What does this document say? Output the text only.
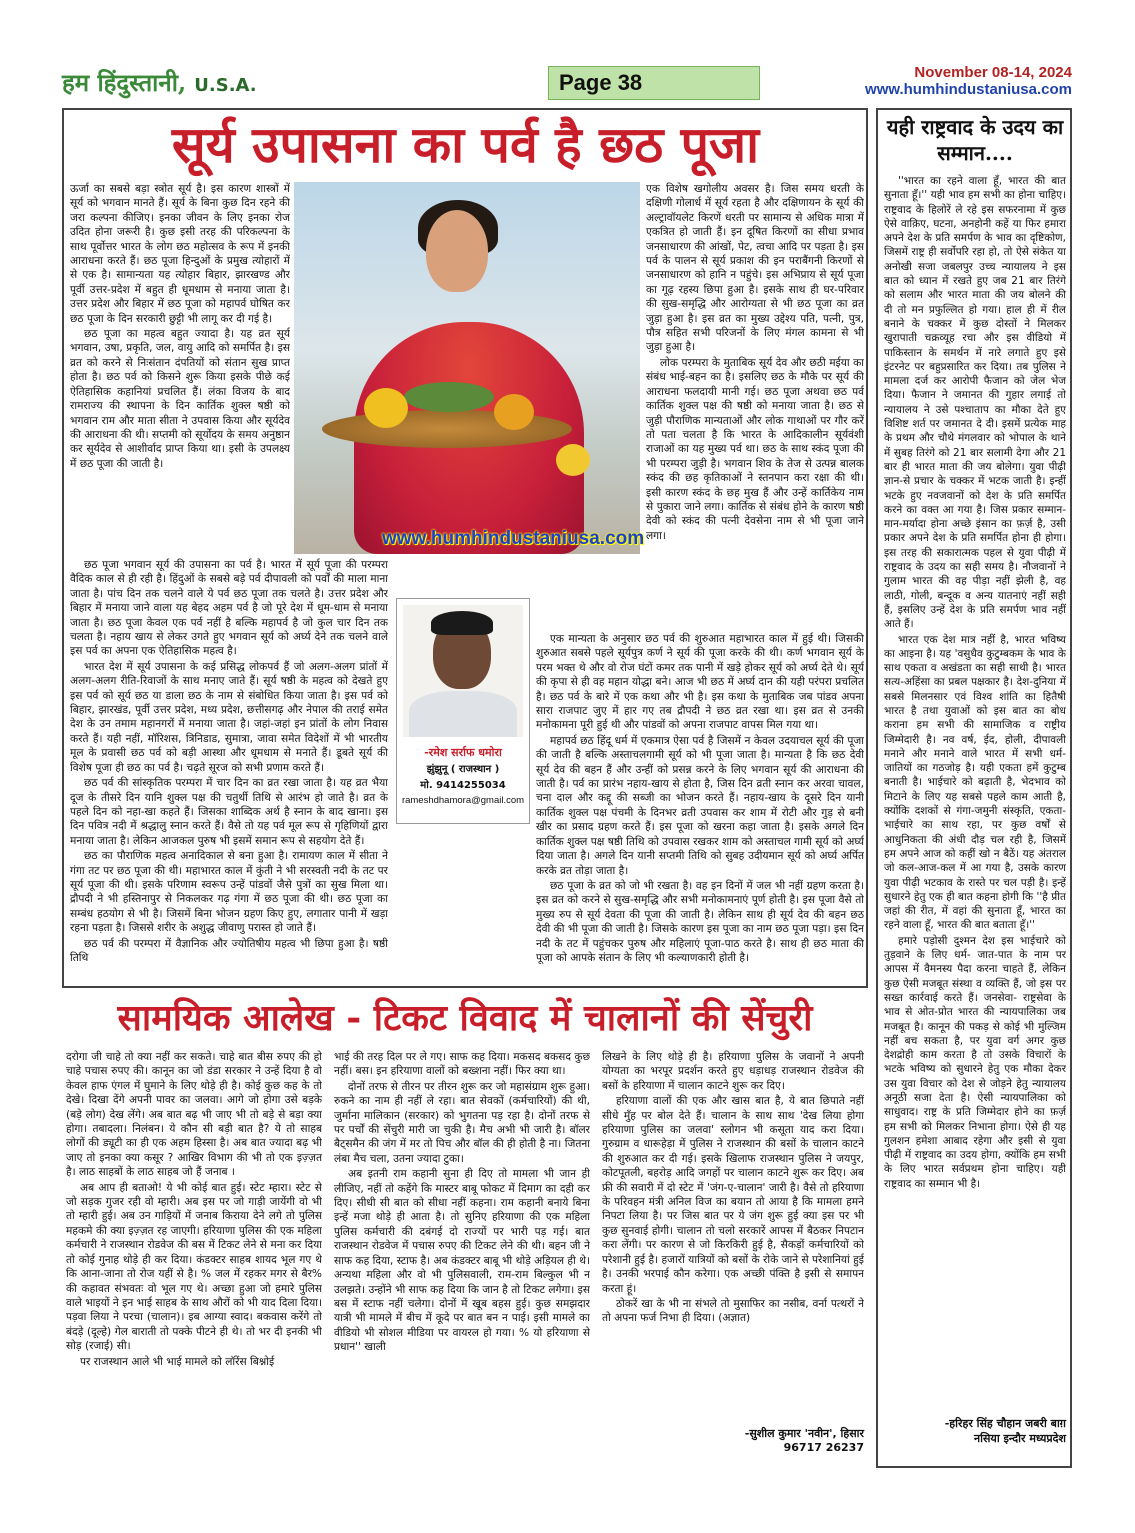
हम हिंदुस्तानी, U.S.A.	Page 38	November 08-14, 2024
www.humhindustaniusa.com
सूर्य उपासना का पर्व है छठ पूजा

ऊर्जा का सबसे बड़ा स्त्रोत सूर्य है। इस कारण शास्त्रों में सूर्य को भगवान मानते हैं। सूर्य के बिना कुछ दिन रहने की जरा कल्पना कीजिए। इनका जीवन के लिए इनका रोज उदित होना जरूरी है। कुछ इसी तरह की परिकल्पना के साथ पूर्वोत्तर भारत के लोग छठ महोत्सव के रूप में इनकी आराधना करते हैं। छठ पूजा हिन्दुओं के प्रमुख त्योहारों में से एक है। सामान्यता यह त्योहार बिहार, झारखण्ड और पूर्वी उत्तर-प्रदेश में बहुत ही धूमधाम से मनाया जाता है। उत्तर प्रदेश और बिहार में छठ पूजा को महापर्व घोषित कर छठ पूजा के दिन सरकारी छुट्टी भी लागू कर दी गई है।

छठ पूजा का महत्व बहुत ज्यादा है। यह व्रत सूर्य भगवान, उषा, प्रकृति, जल, वायु आदि को समर्पित है। इस व्रत को करने से निःसंतान दंपतियों को संतान सुख प्राप्त होता है। छठ पर्व को किसने शुरू किया इसके पीछे कई ऐतिहासिक कहानियां प्रचलित हैं। लंका विजय के बाद रामराज्य की स्थापना के दिन कार्तिक शुक्ल षष्ठी को भगवान राम और माता सीता ने उपवास किया और सूर्यदेव की आराधना की थी। सप्तमी को सूर्योदय के समय अनुष्ठान कर सूर्यदेव से आशीर्वाद प्राप्त किया था। इसी के उपलक्ष्य में छठ पूजा की जाती है।

www.humhindustaniusa.com

छठ पूजा भगवान सूर्य की उपासना का पर्व है। भारत में सूर्य पूजा की परम्परा वैदिक काल से ही रही है। हिंदुओं के सबसे बड़े पर्व दीपावली को पर्वों की माला माना जाता है। पांच दिन तक चलने वाले ये पर्व छठ पूजा तक चलते है। उत्तर प्रदेश और बिहार में मनाया जाने वाला यह बेहद अहम पर्व है जो पूरे देश में धूम-धाम से मनाया जाता है। छठ पूजा केवल एक पर्व नहीं है बल्कि महापर्व है जो कुल चार दिन तक चलता है। नहाय खाय से लेकर उगते हुए भगवान सूर्य को अर्घ्य देने तक चलने वाले इस पर्व का अपना एक ऐतिहासिक महत्व है।

भारत देश में सूर्य उपासना के कई प्रसिद्ध लोकपर्व हैं जो अलग-अलग प्रांतों में अलग-अलग रीति-रिवाजों के साथ मनाए जाते हैं। सूर्य षष्ठी के महत्व को देखते हुए इस पर्व को सूर्य छठ या डाला छठ के नाम से संबोधित किया जाता है। इस पर्व को बिहार, झारखंड, पूर्वी उत्तर प्रदेश, मध्य प्रदेश, छत्तीसगढ़ और नेपाल की तराई समेत देश के उन तमाम महानगरों में मनाया जाता है। जहां-जहां इन प्रांतों के लोग निवास करते हैं। यही नहीं, मॉरिशस, त्रिनिडाड, सुमात्रा, जावा समेत विदेशों में भी भारतीय मूल के प्रवासी छठ पर्व को बड़ी आस्था और धूमधाम से मनाते हैं। डूबते सूर्य की विशेष पूजा ही छठ का पर्व है। चढ़ते सूरज को सभी प्रणाम करते हैं।

छठ पर्व की सांस्कृतिक परम्परा में चार दिन का व्रत रखा जाता है। यह व्रत भैया दूज के तीसरे दिन यानि शुक्ल पक्ष की चतुर्थी तिथि से आरंभ हो जाते है। व्रत के पहले दिन को नहा-खा कहते हैं। जिसका शाब्दिक अर्थ है स्नान के बाद खाना। इस दिन पवित्र नदी में श्रद्धालु स्नान करते हैं। वैसे तो यह पर्व मूल रूप से गृहिणियों द्वारा मनाया जाता है। लेकिन आजकल पुरुष भी इसमें समान रूप से सहयोग देते हैं।

छठ का पौराणिक महत्व अनादिकाल से बना हुआ है। रामायण काल में सीता ने गंगा तट पर छठ पूजा की थी। महाभारत काल में कुंती ने भी सरस्वती नदी के तट पर सूर्य पूजा की थी। इसके परिणाम स्वरूप उन्हें पांडवों जैसे पुत्रों का सुख मिला था। द्रौपदी ने भी हस्तिनापुर से निकलकर गढ़ गंगा में छठ पूजा की थी। छठ पूजा का सम्बंध हठयोग से भी है। जिसमें बिना भोजन ग्रहण किए हुए, लगातार पानी में खड़ा रहना पड़ता है। जिससे शरीर के अशुद्ध जीवाणु परास्त हो जाते हैं।

छठ पर्व की परम्परा में वैज्ञानिक और ज्योतिषीय महत्व भी छिपा हुआ है। षष्ठी तिथि

-रमेश सर्राफ धमोरा
झुंझुनू ( राजस्थान )
मो. 9414255034
rameshdhamora@gmail.com

एक विशेष खगोलीय अवसर है। जिस समय धरती के दक्षिणी गोलार्ध में सूर्य रहता है और दक्षिणायन के सूर्य की अल्ट्रावॉयलेट किरणें धरती पर सामान्य से अधिक मात्रा में एकत्रित हो जाती हैं। इन दूषित किरणों का सीधा प्रभाव जनसाधारण की आंखों, पेट, त्वचा आदि पर पड़ता है। इस पर्व के पालन से सूर्य प्रकाश की इन पराबैंगनी किरणों से जनसाधारण को हानि न पहुंचे। इस अभिप्राय से सूर्य पूजा का गूढ़ रहस्य छिपा हुआ है। इसके साथ ही घर-परिवार की सुख-समृद्धि और आरोग्यता से भी छठ पूजा का व्रत जुड़ा हुआ है। इस व्रत का मुख्य उद्देश्य पति, पत्नी, पुत्र, पौत्र सहित सभी परिजनों के लिए मंगल कामना से भी जुड़ा हुआ है।

लोक परम्परा के मुताबिक सूर्य देव और छठी मईया का संबंध भाई-बहन का है। इसलिए छठ के मौके पर सूर्य की आराधना फलदायी मानी गई। छठ पूजा अथवा छठ पर्व कार्तिक शुक्ल पक्ष की षष्ठी को मनाया जाता है। छठ से जुड़ी पौराणिक मान्यताओं और लोक गाथाओं पर गौर करें तो पता चलता है कि भारत के आदिकालीन सूर्यवंशी राजाओं का यह मुख्य पर्व था। छठ के साथ स्कंद पूजा की भी परम्परा जुड़ी है। भगवान शिव के तेज से उत्पन्न बालक स्कंद की छह कृतिकाओं ने स्तनपान करा रक्षा की थी। इसी कारण स्कंद के छह मुख हैं और उन्हें कार्तिकेय नाम से पुकारा जाने लगा। कार्तिक से संबंध होने के कारण षष्ठी देवी को स्कंद की पत्नी देवसेना नाम से भी पूजा जाने लगा।

एक मान्यता के अनुसार छठ पर्व की शुरुआत महाभारत काल में हुई थी। जिसकी शुरुआत सबसे पहले सूर्यपुत्र कर्ण ने सूर्य की पूजा करके की थी। कर्ण भगवान सूर्य के परम भक्त थे और वो रोज घंटों कमर तक पानी में खड़े होकर सूर्य को अर्घ्य देते थे। सूर्य की कृपा से ही वह महान योद्धा बने। आज भी छठ में अर्घ्य दान की यही परंपरा प्रचलित है। छठ पर्व के बारे में एक कथा और भी है। इस कथा के मुताबिक जब पांडव अपना सारा राजपाट जुए में हार गए तब द्रौपदी ने छठ व्रत रखा था। इस व्रत से उनकी मनोकामना पूरी हुई थी और पांडवों को अपना राजपाट वापस मिल गया था।

महापर्व छठ हिंदू धर्म में एकमात्र ऐसा पर्व है जिसमें न केवल उदयाचल सूर्य की पूजा की जाती है बल्कि अस्ताचलगामी सूर्य को भी पूजा जाता है। मान्यता है कि छठ देवी सूर्य देव की बहन हैं और उन्हीं को प्रसन्न करने के लिए भगवान सूर्य की आराधना की जाती है। पर्व का प्रारंभ नहाय-खाय से होता है, जिस दिन व्रती स्नान कर अरवा चावल, चना दाल और कद्दू की सब्जी का भोजन करते हैं। नहाय-खाय के दूसरे दिन यानी कार्तिक शुक्ल पक्ष पंचमी के दिनभर व्रती उपवास कर शाम में रोटी और गुड़ से बनी खीर का प्रसाद ग्रहण करते हैं। इस पूजा को खरना कहा जाता है। इसके अगले दिन कार्तिक शुक्ल पक्ष षष्ठी तिथि को उपवास रखकर शाम को अस्ताचल गामी सूर्य को अर्घ्य दिया जाता है। अगले दिन यानी सप्तमी तिथि को सुबह उदीयमान सूर्य को अर्घ्य अर्पित करके व्रत तोड़ा जाता है।

छठ पूजा के व्रत को जो भी रखता है। वह इन दिनों में जल भी नहीं ग्रहण करता है। इस व्रत को करने से सुख-समृद्धि और सभी मनोकामनाएं पूर्ण होती है। इस पूजा वैसे तो मुख्य रुप से सूर्य देवता की पूजा की जाती है। लेकिन साथ ही सूर्य देव की बहन छठ देवी की भी पूजा की जाती है। जिसके कारण इस पूजा का नाम छठ पूजा पड़ा। इस दिन नदी के तट में पहुंचकर पुरुष और महिलाएं पूजा-पाठ करते है। साथ ही छठ माता की पूजा को आपके संतान के लिए भी कल्याणकारी होती है।

यही राष्ट्रवाद के उदय का सम्मान....

''भारत का रहने वाला हूँ, भारत की बात सुनाता हूँ।'' यही भाव हम सभी का होना चाहिए। राष्ट्रवाद के हिलोरें ले रहे इस सफरनामा में कुछ ऐसे वाक़िए, घटना, अनहोनी कहें या फिर हमारा अपने देश के प्रति समर्पण के भाव का दृष्टिकोण, जिसमें राष्ट्र ही सर्वोपरि रहा हो, तो ऐसे संकेत या अनोखी सजा जबलपुर उच्च न्यायालय ने इस बात को ध्यान में रखते हुए जब 21 बार तिरंगे को सलाम और भारत माता की जय बोलने की दी तो मन प्रफुल्लित हो गया। हाल ही में रील बनाने के चक्कर में कुछ दोस्तों ने मिलकर खुरापाती चक्रव्यूह रचा और इस वीडियो में पाकिस्तान के समर्थन में नारे लगाते हुए इसे इंटरनेट पर बहुप्रसारित कर दिया। तब पुलिस ने मामला दर्ज कर आरोपी फैजान को जेल भेज दिया। फैजान ने जमानत की गुहार लगाई तो न्यायालय ने उसे पश्चाताप का मौका देते हुए विशिष्ट शर्त पर जमानत दे दी। इसमें प्रत्येक माह के प्रथम और चौथे मंगलवार को भोपाल के थाने में सुबह तिरंगे को 21 बार सलामी देगा और 21 बार ही भारत माता की जय बोलेगा। युवा पीढ़ी ज्ञान-से प्रचार के चक्कर में भटक जाती है। इन्हीं भटके हुए नवजवानों को देश के प्रति समर्पित करने का वक्त आ गया है। जिस प्रकार सम्मान-मान-मर्यादा होना अच्छे इंसान का फ़र्ज़ है, उसी प्रकार अपने देश के प्रति समर्पित होना ही होगा। इस तरह की सकारात्मक पहल से युवा पीढ़ी में राष्ट्रवाद के उदय का सही समय है। नौजवानों ने गुलाम भारत की वह पीड़ा नहीं झेली है, वह लाठी, गोली, बन्दूक व अन्य यातनाएं नहीं सही हैं, इसलिए उन्हें देश के प्रति समर्पण भाव नहीं आते हैं।

भारत एक देश मात्र नहीं है, भारत भविष्य का आइना है। यह 'वसुधैव कुटुम्बकम के भाव के साथ एकता व अखंडता का सही साथी है। भारत सत्य-अहिंसा का प्रबल पक्षकार है। देश-दुनिया में सबसे मिलनसार एवं विश्व शांति का हितैषी भारत है तथा युवाओं को इस बात का बोध कराना हम सभी की सामाजिक व राष्ट्रीय जिम्मेदारी है। नव वर्ष, ईद, होली, दीपावली मनाने और मनाने वाले भारत में सभी धर्म-जातियों का गठजोड़ है। यही एकता हमें कुटुम्ब बनाती है। भाईचारे को बढ़ाती है, भेदभाव को मिटाने के लिए यह सबसे पहले काम आती है, क्योंकि दशकों से गंगा-जमुनी संस्कृति, एकता-भाईचारे का साथ रहा, पर कुछ वर्षों से आधुनिकता की अंधी दौड़ चल रही है, जिसमें हम अपने आज को कहीं खो न बैठें। यह अंतराल जो कल-आज-कल में आ गया है, उसके कारण युवा पीढ़ी भटकाव के रास्ते पर चल पड़ी है। इन्हें सुधारने हेतु एक ही बात कहना होगी कि ''है प्रीत जहां की रीत, में वहां की सुनाता हूँ, भारत का रहने वाला हूँ, भारत की बात बताता हूँ।''

हमारे पड़ोसी दुश्मन देश इस भाईचारे को तुड़वाने के लिए धर्म- जात-पात के नाम पर आपस में वैमनस्य पैदा करना चाहते हैं, लेकिन कुछ ऐसी मजबूत संस्था व व्यक्ति हैं, जो इस पर सख्त कार्रवाई करते हैं। जनसेवा- राष्ट्रसेवा के भाव से ओत-प्रोत भारत की न्यायपालिका जब मजबूत है। कानून की पकड़ से कोई भी मुल्जिम नहीं बच सकता है, पर युवा वर्ग अगर कुछ देशद्रोही काम करता है तो उसके विचारों के भटके भविष्य को सुधारने हेतु एक मौका देकर उस युवा विचार को देश से जोड़ने हेतु न्यायालय अनूठी सजा देता है। ऐसी न्यायपालिका को साधुवाद। राष्ट्र के प्रति जिम्मेदार होने का फ़र्ज़ हम सभी को मिलकर निभाना होगा। ऐसे ही यह गुलशन हमेशा आबाद रहेगा और इसी से युवा पीढ़ी में राष्ट्रवाद का उदय होगा, क्योंकि हम सभी के लिए भारत सर्वप्रथम होना चाहिए। यही राष्ट्रवाद का सम्मान भी है।

-हरिहर सिंह चौहान जबरी बाग़
नसिया इन्दौर मध्यप्रदेश
सामयिक आलेख - टिकट विवाद में चालानों की सेंचुरी

दरोगा जी चाहे तो क्या नहीं कर सकते। चाहे बात बीस रुपए की हो चाहे पचास रुपए की। कानून का जो डंडा सरकार ने उन्हें दिया है वो केवल हाफ एंगल में घुमाने के लिए थोड़े ही है। कोई कुछ कह के तो देखे। दिखा देंगे अपनी पावर का जलवा। आगे जो होगा उसे बड़के (बड़े लोग) देख लेंगे। अब बात बढ़ भी जाए भी तो बड़े से बड़ा क्या होगा। तबादला। निलंबन। ये कौन सी बड़ी बात है? ये तो साहब लोगों की ड्यूटी का ही एक अहम हिस्सा है। अब बात ज्यादा बढ़ भी जाए तो इनका क्या कसूर ? आखिर विभाग की भी तो एक इज़्ज़त है। लाठ साहबों के लाठ साहब जो हैं जनाब ।

अब आप ही बताओ! ये भी कोई बात हुई। स्टेट म्हारा। स्टेट से जो सड़क गुजर रही वो म्हारी। अब इस पर जो गाड़ी जायेंगी वो भी तो म्हारी हुई। अब उन गाड़ियों में जनाब किराया देने लगे तो पुलिस महकमे की क्या इज़्ज़त रह जाएगी। हरियाणा पुलिस की एक महिला कर्मचारी ने राजस्थान रोडवेज की बस में टिकट लेने से मना कर दिया तो कोई गुनाह थोड़े ही कर दिया। कंडक्टर साहब शायद भूल गए थे कि आना-जाना तो रोज यहीं से है। % जल में रहकर मगर से बैर% की कहावत संभवतः वो भूल गए थे। अच्छा हुआ जो हमारे पुलिस वाले भाइयों ने इन भाई साहब के साथ औरों को भी याद दिला दिया। पड़वा लिया ने परचा (चालान)। इब आग्या स्वाद। बकवास करेंगे तो बंदड़े (दूल्हे) गेल बाराती तो पक्के पीटने ही थे। तो भर दी इनकी भी सोड़ (रजाई) सी।

पर राजस्थान आले भी भाई मामले को लॉरेंस बिश्नोई

भाई की तरह दिल पर ले गए। साफ कह दिया। मकसद बकसद कुछ नहीं। बस। इन हरियाणा वालों को बख्शना नहीं। फिर क्या था।

दोनों तरफ से तीरन पर तीरन शुरू कर जो महासंग्राम शुरू हुआ। रुकने का नाम ही नहीं ले रहा। बात सेवकों (कर्मचारियों) की थी, जुर्माना मालिकान (सरकार) को भुगतना पड़ रहा है। दोनों तरफ से पर पर्चों की सेंचुरी मारी जा चुकी है। मैच अभी भी जारी है। बॉलर बैट्समैन की जंग में मर तो पिच और बॉल की ही होती है ना। जितना लंबा मैच चला, उतना ज्यादा टुका।

अब इतनी राम कहानी सुना ही दिए तो मामला भी जान ही लीजिए, नहीं तो कहेंगे कि मास्टर बाबू फोकट में दिमाग का दही कर दिए। सीधी सी बात को सीधा नहीं कहना। राम कहानी बनाये बिना इन्हें मजा थोड़े ही आता है। तो सुनिए हरियाणा की एक महिला पुलिस कर्मचारी की दबंगई दो राज्यों पर भारी पड़ गई। बात राजस्थान रोडवेज में पचास रुपए की टिकट लेने की थी। बहन जी ने साफ कह दिया, स्टाफ है। अब कंडक्टर बाबू भी थोड़े अड़ियल ही थे। अन्यथा महिला और वो भी पुलिसवाली, राम-राम बिल्कुल भी न उलझते। उन्होंने भी साफ कह दिया कि जान है तो टिकट लगेगा। इस बस में स्टाफ नहीं चलेगा। दोनों में खूब बहस हुई। कुछ समझदार यात्री भी मामले में बीच में कूदे पर बात बन न पाई। इसी मामले का वीडियो भी सोशल मीडिया पर वायरल हो गया। % यो हरियाणा से प्रधान'' खाली

लिखने के लिए थोड़े ही है। हरियाणा पुलिस के जवानों ने अपनी योग्यता का भरपूर प्रदर्शन करते हुए धड़ाधड़ राजस्थान रोडवेज की बसों के हरियाणा में चालान काटने शुरू कर दिए।

हरियाणा वालों की एक और खास बात है, ये बात छिपाते नहीं सीधे मुँह पर बोल देते हैं। चालान के साथ साथ 'देख लिया होगा हरियाणा पुलिस का जलवा' स्लोगन भी कसूता याद करा दिया। गुरुग्राम व धारूहेड़ा में पुलिस ने राजस्थान की बसों के चालान काटने की शुरुआत कर दी गई। इसके खिलाफ राजस्थान पुलिस ने जयपुर, कोटपूतली, बहरोड़ आदि जगहों पर चालान काटने शुरू कर दिए। अब फ्री की सवारी में दो स्टेट में 'जंग-ए-चालान' जारी है। वैसे तो हरियाणा के परिवहन मंत्री अनिल विज का बयान तो आया है कि मामला हमने निपटा लिया है। पर जिस बात पर ये जंग शुरू हुई क्या इस पर भी कुछ सुनवाई होगी। चालान तो चलो सरकारें आपस में बैठकर निपटान करा लेंगी। पर कारण से जो किरकिरी हुई है, सैकड़ों कर्मचारियों को परेशानी हुई है। हजारों यात्रियों को बसों के रोके जाने से परेशानियां हुई है। उनकी भरपाई कौन करेगा। एक अच्छी पंक्ति है इसी से समापन करता हूं।

ठोकरें खा के भी ना संभले तो मुसाफिर का नसीब, वर्ना पत्थरों ने तो अपना फर्ज निभा ही दिया। (अज्ञात)

-सुशील कुमार 'नवीन', हिसार
96717 26237
